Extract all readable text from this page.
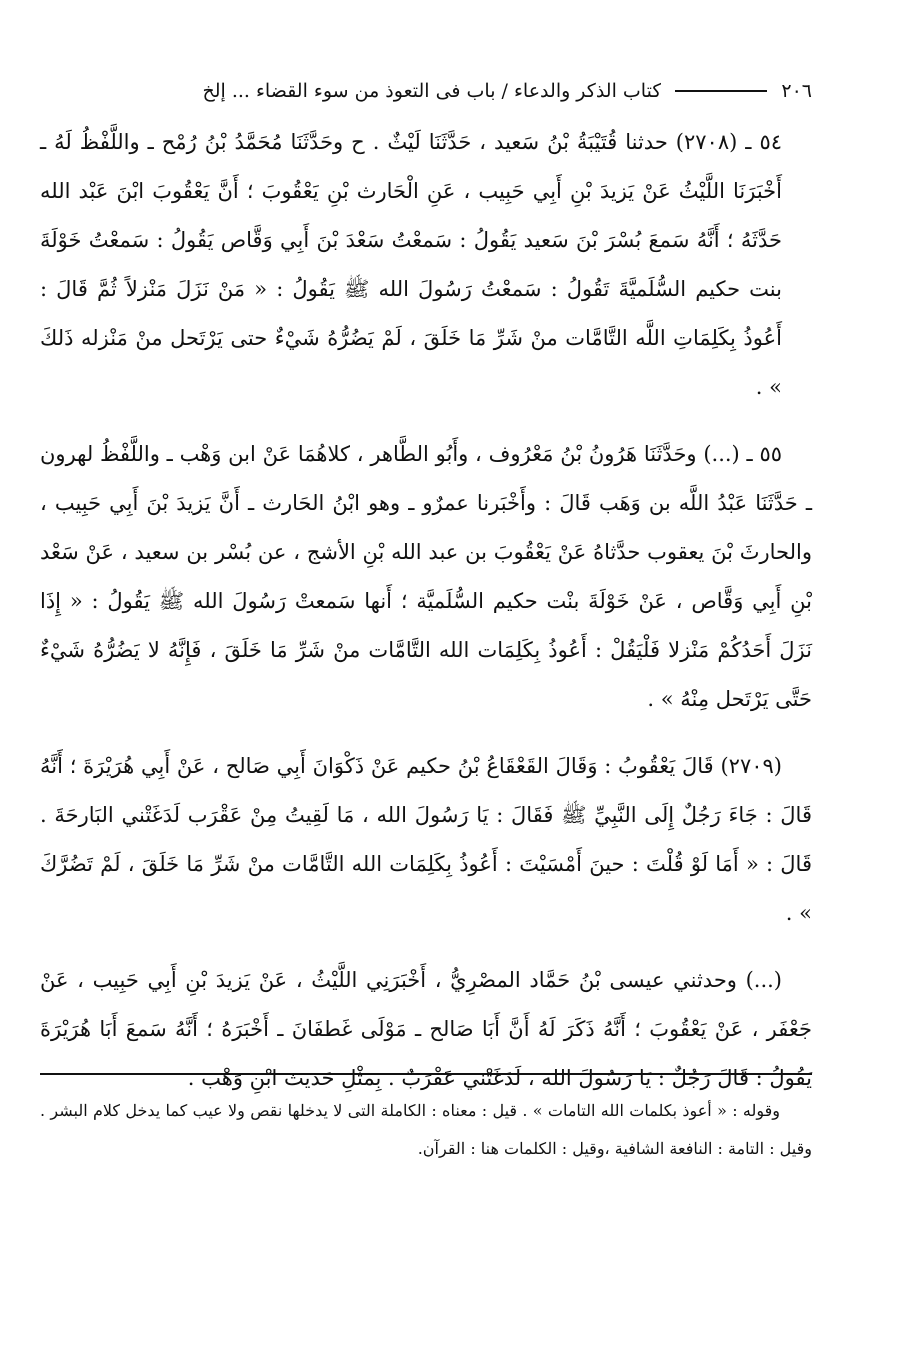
٢٠٦
كتاب الذكر والدعاء / باب فى التعوذ من سوء القضاء ... إلخ

٥٤ ـ (٢٧٠٨) حدثنا قُتَيْبَةُ بْنُ سَعيد ، حَدَّثَنَا لَيْثٌ . ح وحَدَّثَنَا مُحَمَّدُ بْنُ رُمْح ـ واللَّفْظُ لَهُ ـ أَخْبَرَنَا اللَّيْثُ عَنْ يَزيدَ بْنِ أَبِي حَبِيب ، عَنِ الْحَارث بْنِ يَعْقُوبَ ؛ أَنَّ يَعْقُوبَ ابْنَ عَبْد الله حَدَّثَهُ ؛ أَنَّهُ سَمعَ بُسْرَ بْنَ سَعيد يَقُولُ : سَمعْتُ سَعْدَ بْنَ أَبِي وَقَّاص يَقُولُ : سَمعْتُ خَوْلَةَ بنت حكيم السُّلَميَّةَ تَقُولُ : سَمعْتُ رَسُولَ الله ﷺ يَقُولُ : « مَنْ نَزَلَ مَنْزلاً ثُمَّ قَالَ : أَعُوذُ بِكَلِمَاتِ اللَّه التَّامَّات منْ شَرِّ مَا خَلَقَ ، لَمْ يَضُرُّهُ شَيْءٌ حتى يَرْتَحل منْ مَنْزله ذَلكَ » .

٥٥ ـ (...) وحَدَّثَنَا هَرُونُ بْنُ مَعْرُوف ، وأَبُو الطَّاهر ، كلاهُمَا عَنْ ابن وَهْب ـ واللَّفْظُ لهرون ـ حَدَّثَنَا عَبْدُ اللَّه بن وَهَب قَالَ : وأَخْبَرنا عمرٌو ـ وهو ابْنُ الحَارث ـ أَنَّ يَزيدَ بْنَ أَبِي حَبِيب ، والحارثَ بْنَ يعقوب حدَّثاهُ عَنْ يَعْقُوبَ بن عبد الله بْنِ الأشج ، عن بُسْر بن سعيد ، عَنْ سَعْد بْنِ أَبِي وَقَّاص ، عَنْ خَوْلَةَ بنْت حكيم السُّلَميَّة ؛ أَنها سَمعتْ رَسُولَ الله ﷺ يَقُولُ : « إِذَا نَزَلَ أَحَدُكُمْ مَنْزلا فَلْيَقُلْ : أَعُوذُ بِكَلِمَات الله التَّامَّات منْ شَرِّ مَا خَلَقَ ، فَإِنَّهُ لا يَضُرُّهُ شَيْءٌ حَتَّى يَرْتَحل مِنْهُ » .

(٢٧٠٩) قَالَ يَعْقُوبُ : وَقَالَ القَعْقَاعُ بْنُ حكيم عَنْ ذَكْوَانَ أَبِي صَالح ، عَنْ أَبِي هُرَيْرَةَ ؛ أَنَّهُ قَالَ : جَاءَ رَجُلٌ إِلَى النَّبِيِّ ﷺ فَقَالَ : يَا رَسُولَ الله ، مَا لَقِيتُ مِنْ عَقْرَب لَدَغَتْني البَارحَةَ . قَالَ : « أَمَا لَوْ قُلْتَ : حينَ أَمْسَيْتَ : أَعُوذُ بِكَلِمَات الله التَّامَّات منْ شَرِّ مَا خَلَقَ ، لَمْ تَضُرَّكَ » .

(...) وحدثني عيسى بْنُ حَمَّاد المصْرِيُّ ، أَخْبَرَنِي اللَّيْثُ ، عَنْ يَزيدَ بْنِ أَبِي حَبِيب ، عَنْ جَعْفَر ، عَنْ يَعْقُوبَ ؛ أَنَّهُ ذَكَرَ لَهُ أَنَّ أَبَا صَالح ـ مَوْلَى غَطفَانَ ـ أَخْبَرَهُ ؛ أَنَّهُ سَمعَ أَبَا هُرَيْرَةَ يَقُولُ : قَالَ رَجُلٌ : يَا رَسُولَ الله ، لَدَغَتْني عَقْرَبٌ . بِمثْلِ حَديث ابْنِ وَهْب .

وقوله : « أعوذ بكلمات الله التامات » . قيل : معناه : الكاملة التى لا يدخلها نقص ولا عيب كما يدخل كلام البشر . وقيل : التامة : النافعة الشافية ،وقيل : الكلمات هنا : القرآن.
